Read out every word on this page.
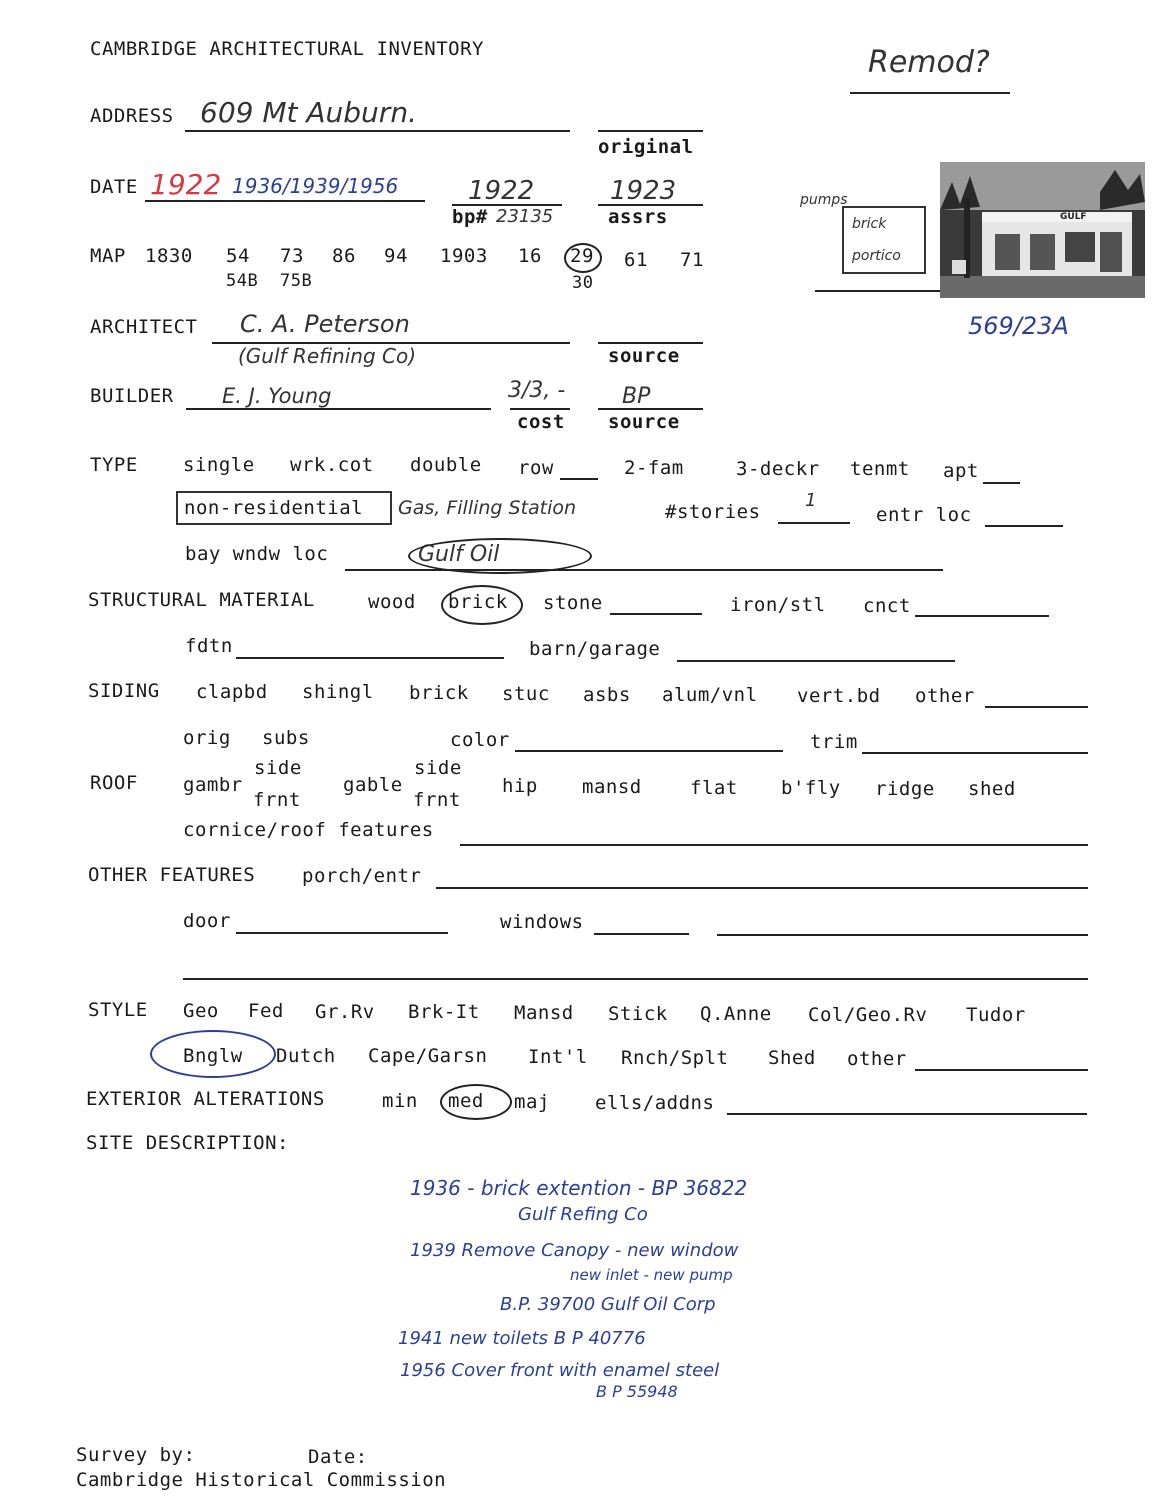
CAMBRIDGE ARCHITECTURAL INVENTORY	Remod?
ADDRESS 609 Mt Auburn.
original
DATE 1922 1936/1939/1956	1922
bp# 23135
1923
assrs
pumps
brick
portico
GULF
569/23A
MAP 1830 54 73 86 94 1903 16 29 61 71
54B 75B	30
ARCHITECT C. A. Peterson
(Gulf Refining Co)	source
BUILDER E. J. Young	3/3, -
cost
BP
source
TYPE single wrk.cot double row	2-fam	3-deckr tenmt apt
non-residential Gas, Filling Station	#stories
1
entr loc
bay wndw loc	Gulf Oil
STRUCTURAL MATERIAL	wood brick stone	iron/stl cnct
fdtn	barn/garage
SIDING clapbd shingl brick stuc asbs alum/vnl vert.bd other
orig subs	color	trim
ROOF gambr
side
frnt
gable
side
frnt
hip mansd	flat b'fly ridge shed
cornice/roof features
OTHER FEATURES porch/entr
door	windows
STYLE Geo Fed Gr.Rv Brk-It Mansd Stick Q.Anne Col/Geo.Rv Tudor
Bnglw Dutch Cape/Garsn Int'l Rnch/Splt Shed other
EXTERIOR ALTERATIONS	min med maj ells/addns
SITE DESCRIPTION:
1936 - brick extention - BP 36822
Gulf Refing Co
1939 Remove Canopy - new window
new inlet - new pump
B.P. 39700 Gulf Oil Corp
1941 new toilets B P 40776
1956 Cover front with enamel steel
B P 55948
Survey by:	Date:
Cambridge Historical Commission
